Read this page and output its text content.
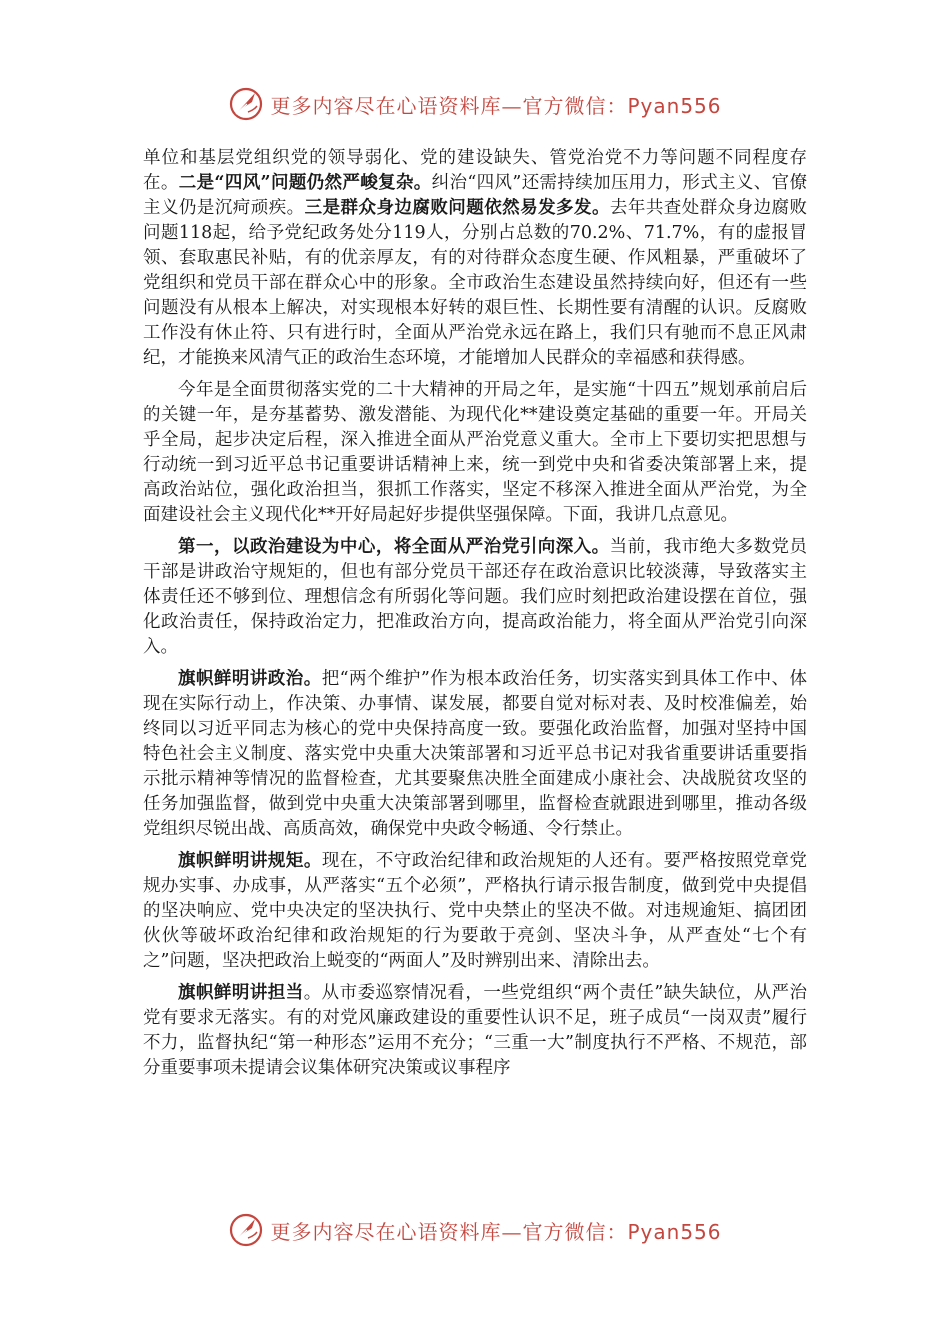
更多内容尽在心语资料库—官方微信：Pyan556

单位和基层党组织党的领导弱化、党的建设缺失、管党治党不力等问题不同程度存在。二是“四风”问题仍然严峻复杂。纠治“四风”还需持续加压用力，形式主义、官僚主义仍是沉疴顽疾。三是群众身边腐败问题依然易发多发。去年共查处群众身边腐败问题118起，给予党纪政务处分119人，分别占总数的70.2%、71.7%，有的虚报冒领、套取惠民补贴，有的优亲厚友，有的对待群众态度生硬、作风粗暴，严重破坏了党组织和党员干部在群众心中的形象。全市政治生态建设虽然持续向好，但还有一些问题没有从根本上解决，对实现根本好转的艰巨性、长期性要有清醒的认识。反腐败工作没有休止符、只有进行时，全面从严治党永远在路上，我们只有驰而不息正风肃纪，才能换来风清气正的政治生态环境，才能增加人民群众的幸福感和获得感。

今年是全面贯彻落实党的二十大精神的开局之年，是实施“十四五”规划承前启后的关键一年，是夯基蓄势、激发潜能、为现代化**建设奠定基础的重要一年。开局关乎全局，起步决定后程，深入推进全面从严治党意义重大。全市上下要切实把思想与行动统一到习近平总书记重要讲话精神上来，统一到党中央和省委决策部署上来，提高政治站位，强化政治担当，狠抓工作落实，坚定不移深入推进全面从严治党，为全面建设社会主义现代化**开好局起好步提供坚强保障。下面，我讲几点意见。

第一，以政治建设为中心，将全面从严治党引向深入。当前，我市绝大多数党员干部是讲政治守规矩的，但也有部分党员干部还存在政治意识比较淡薄，导致落实主体责任还不够到位、理想信念有所弱化等问题。我们应时刻把政治建设摆在首位，强化政治责任，保持政治定力，把准政治方向，提高政治能力，将全面从严治党引向深入。

旗帜鲜明讲政治。把“两个维护”作为根本政治任务，切实落实到具体工作中、体现在实际行动上，作决策、办事情、谋发展，都要自觉对标对表、及时校准偏差，始终同以习近平同志为核心的党中央保持高度一致。要强化政治监督，加强对坚持中国特色社会主义制度、落实党中央重大决策部署和习近平总书记对我省重要讲话重要指示批示精神等情况的监督检查，尤其要聚焦决胜全面建成小康社会、决战脱贫攻坚的任务加强监督，做到党中央重大决策部署到哪里，监督检查就跟进到哪里，推动各级党组织尽锐出战、高质高效，确保党中央政令畅通、令行禁止。

旗帜鲜明讲规矩。现在，不守政治纪律和政治规矩的人还有。要严格按照党章党规办实事、办成事，从严落实“五个必须”，严格执行请示报告制度，做到党中央提倡的坚决响应、党中央决定的坚决执行、党中央禁止的坚决不做。对违规逾矩、搞团团伙伙等破坏政治纪律和政治规矩的行为要敢于亮剑、坚决斗争，从严查处“七个有之”问题，坚决把政治上蜕变的“两面人”及时辨别出来、清除出去。

旗帜鲜明讲担当。从市委巡察情况看，一些党组织“两个责任”缺失缺位，从严治党有要求无落实。有的对党风廉政建设的重要性认识不足，班子成员“一岗双责”履行不力，监督执纪“第一种形态”运用不充分；“三重一大”制度执行不严格、不规范，部分重要事项未提请会议集体研究决策或议事程序

更多内容尽在心语资料库—官方微信：Pyan556
